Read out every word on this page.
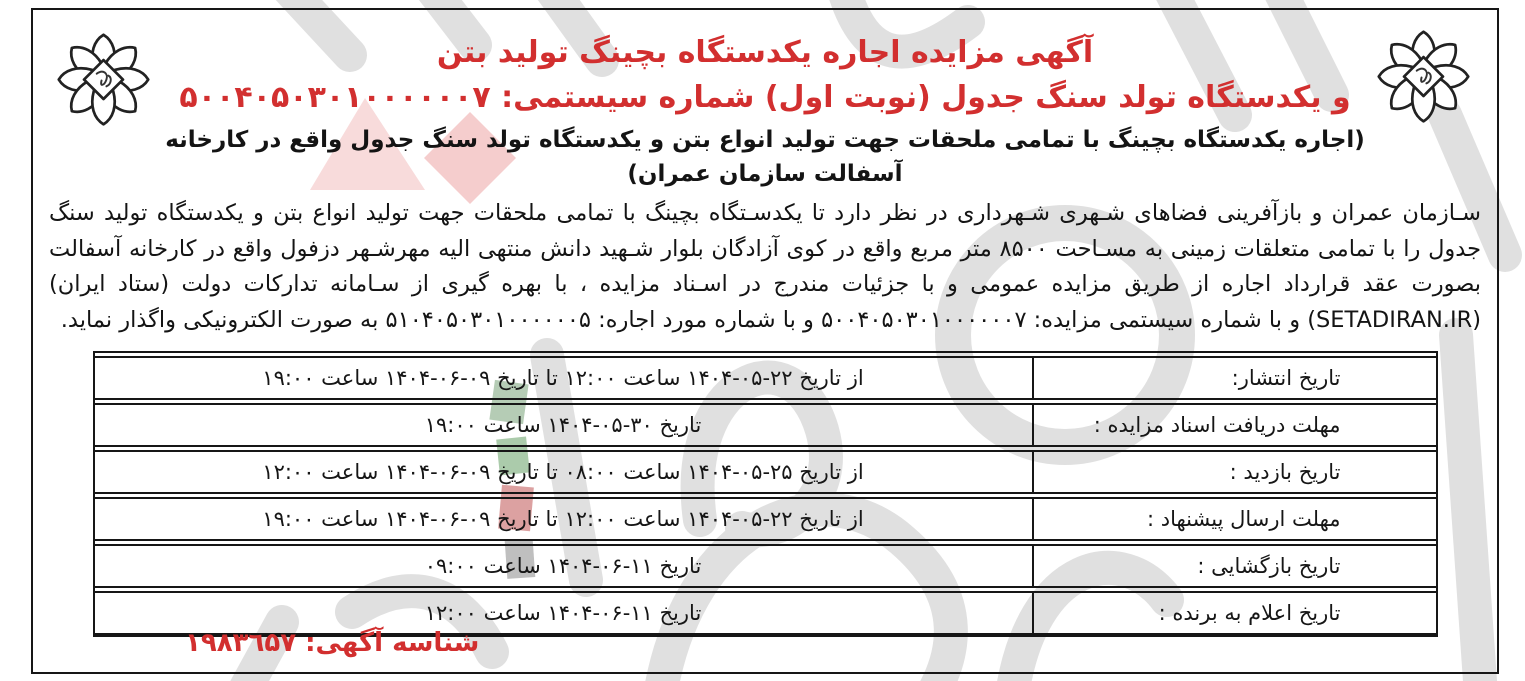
آگهی مزایده اجاره یکدستگاه بچینگ تولید بتن
و یکدستگاه تولد سنگ جدول (نوبت اول) شماره سیستمی: ۵۰۰۴۰۵۰۳۰۱۰۰۰۰۰۰۷
(اجاره یکدستگاه بچینگ با تمامی ملحقات جهت تولید انواع بتن و یکدستگاه تولد سنگ جدول واقع در کارخانه آسفالت سازمان عمران)
سـازمان عمران و بازآفرینی فضاهای شـهری شـهرداری در نظر دارد تا یکدسـتگاه بچینگ با تمامی ملحقات جهت تولید انواع بتن و یکدستگاه تولید سنگ جدول را با تمامی متعلقات زمینی به مسـاحت ۸۵۰۰ متر مربع واقع در کوی آزادگان بلوار شـهید دانش منتهی الیه مهرشـهر دزفول واقع در کارخانه آسفالت بصورت عقد قرارداد اجاره از طریق مزایده عمومی و با جزئیات مندرج در اسـناد مزایده ، با بهره گیری از سـامانه تدارکات دولت (ستاد ایران)(SETADIRAN.IR) و با شماره سیستمی مزایده: ۵۰۰۴۰۵۰۳۰۱۰۰۰۰۰۰۷ و با شماره مورد اجاره: ۵۱۰۴۰۵۰۳۰۱۰۰۰۰۰۰۵ به صورت الکترونیکی واگذار نماید.
تاریخ انتشار:
از تاریخ ۲۲-۰۵-۱۴۰۴ ساعت ۱۲:۰۰ تا تاریخ ۰۹-۰۶-۱۴۰۴ ساعت ۱۹:۰۰
مهلت دریافت اسناد مزایده :
تاریخ ۳۰-۰۵-۱۴۰۴ ساعت ۱۹:۰۰
تاریخ بازدید :
از تاریخ ۲۵-۰۵-۱۴۰۴ ساعت ۰۸:۰۰ تا تاریخ ۰۹-۰۶-۱۴۰۴ ساعت ۱۲:۰۰
مهلت ارسال پیشنهاد :
از تاریخ ۲۲-۰۵-۱۴۰۴ ساعت ۱۲:۰۰ تا تاریخ ۰۹-۰۶-۱۴۰۴ ساعت ۱۹:۰۰
تاریخ بازگشایی :
تاریخ ۱۱-۰۶-۱۴۰۴ ساعت ۰۹:۰۰
تاریخ اعلام به برنده :
تاریخ ۱۱-۰۶-۱۴۰۴ ساعت ۱۲:۰۰
شناسه آگهی: ۱۹۸۳٦۵۷
